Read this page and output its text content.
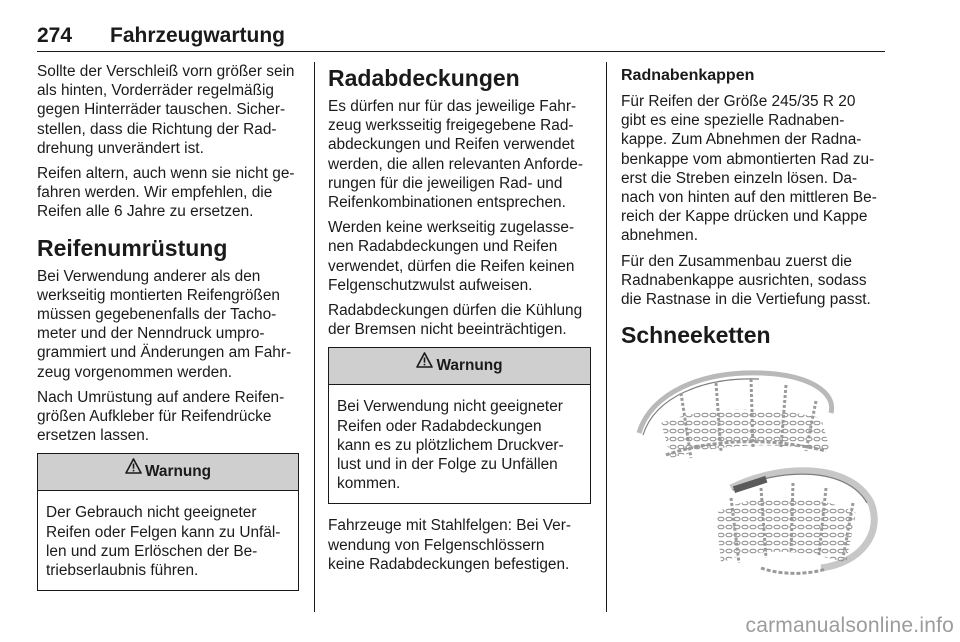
274 Fahrzeugwartung

Sollte der Verschleiß vorn größer sein
als hinten, Vorderräder regelmäßig
gegen Hinterräder tauschen. Sicher‐
stellen, dass die Richtung der Rad‐
drehung unverändert ist.

Reifen altern, auch wenn sie nicht ge‐
fahren werden. Wir empfehlen, die
Reifen alle 6 Jahre zu ersetzen.

Reifenumrüstung

Bei Verwendung anderer als den
werkseitig montierten Reifengrößen
müssen gegebenenfalls der Tacho‐
meter und der Nenndruck umpro‐
grammiert und Änderungen am Fahr‐
zeug vorgenommen werden.

Nach Umrüstung auf andere Reifen‐
größen Aufkleber für Reifendrücke
ersetzen lassen.

Warnung
Der Gebrauch nicht geeigneter
Reifen oder Felgen kann zu Unfäl‐
len und zum Erlöschen der Be‐
triebserlaubnis führen.
Radabdeckungen

Es dürfen nur für das jeweilige Fahr‐
zeug werksseitig freigegebene Rad‐
abdeckungen und Reifen verwendet
werden, die allen relevanten Anforde‐
rungen für die jeweiligen Rad- und
Reifenkombinationen entsprechen.

Werden keine werkseitig zugelasse‐
nen Radabdeckungen und Reifen
verwendet, dürfen die Reifen keinen
Felgenschutzwulst aufweisen.

Radabdeckungen dürfen die Kühlung
der Bremsen nicht beeinträchtigen.

Warnung
Bei Verwendung nicht geeigneter
Reifen oder Radabdeckungen
kann es zu plötzlichem Druckver‐
lust und in der Folge zu Unfällen
kommen.

Fahrzeuge mit Stahlfelgen: Bei Ver‐
wendung von Felgenschlössern
keine Radabdeckungen befestigen.

Radnabenkappen

Für Reifen der Größe 245/35 R 20
gibt es eine spezielle Radnaben‐
kappe. Zum Abnehmen der Radna‐
benkappe vom abmontierten Rad zu‐
erst die Streben einzeln lösen. Da‐
nach von hinten auf den mittleren Be‐
reich der Kappe drücken und Kappe
abnehmen.

Für den Zusammenbau zuerst die
Radnabenkappe ausrichten, sodass
die Rastnase in die Vertiefung passt.

Schneeketten
carmanualsonline.info
